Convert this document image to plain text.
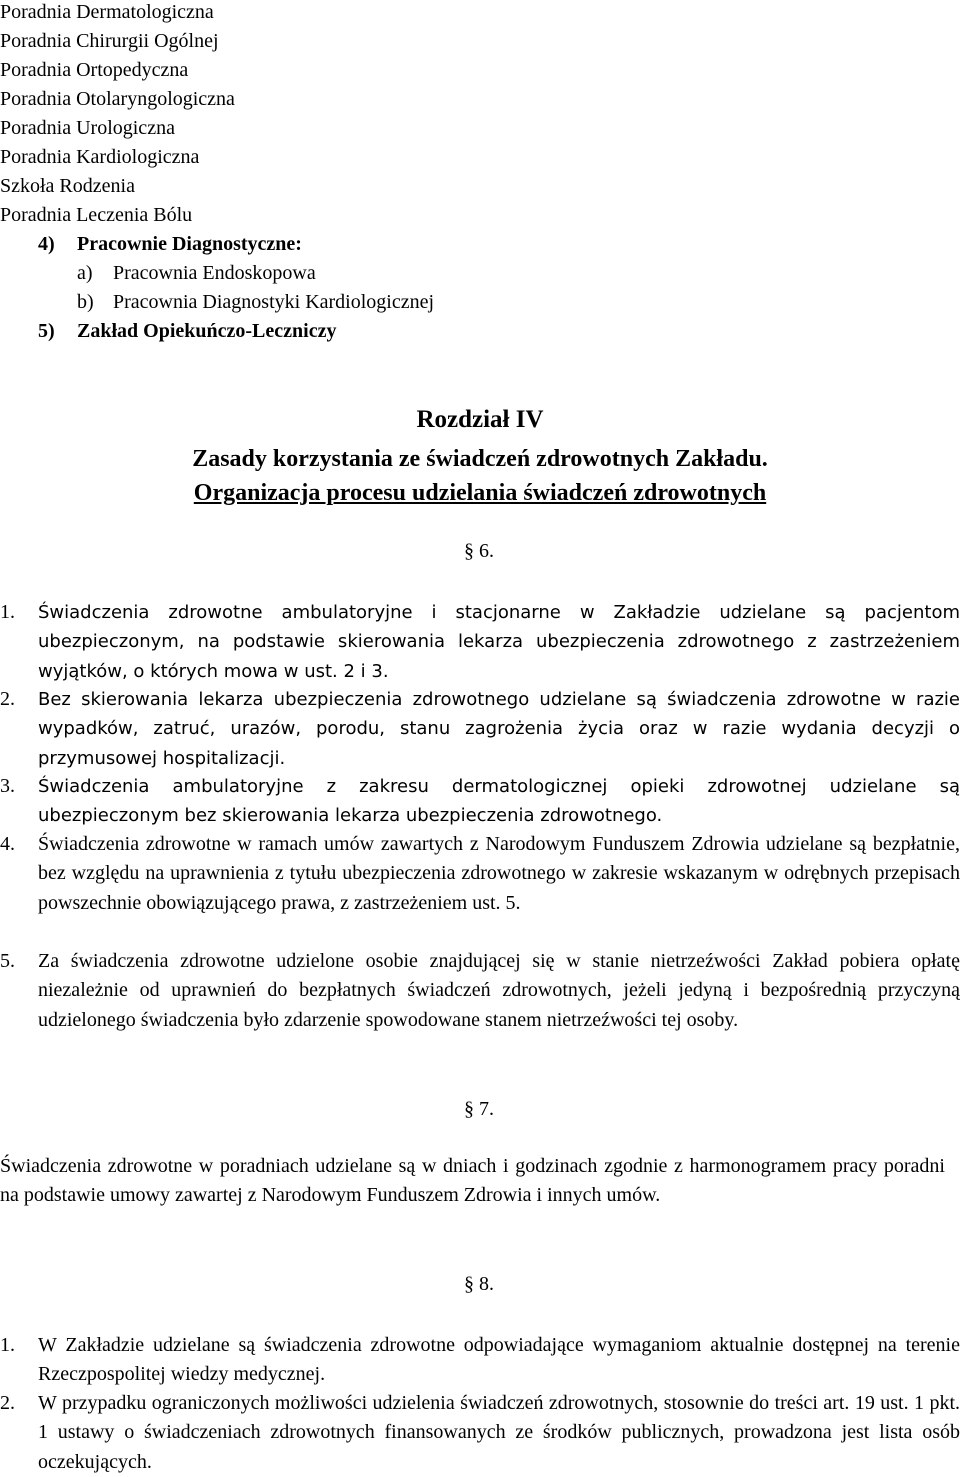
Poradnia Dermatologiczna
Poradnia Chirurgii Ogólnej
Poradnia Ortopedyczna
Poradnia Otolaryngologiczna
Poradnia Urologiczna
Poradnia Kardiologiczna
Szkoła Rodzenia
Poradnia Leczenia Bólu
4) Pracownie Diagnostyczne:
a) Pracownia Endoskopowa
b) Pracownia Diagnostyki Kardiologicznej
5) Zakład Opiekuńczo-Leczniczy
Rozdział IV
Zasady korzystania ze świadczeń zdrowotnych Zakładu.
Organizacja procesu udzielania świadczeń zdrowotnych
§ 6.
1. Świadczenia zdrowotne ambulatoryjne i stacjonarne w Zakładzie udzielane są pacjentom ubezpieczonym, na podstawie skierowania lekarza ubezpieczenia zdrowotnego z zastrzeżeniem wyjątków, o których mowa w ust. 2 i 3.
2. Bez skierowania lekarza ubezpieczenia zdrowotnego udzielane są świadczenia zdrowotne w razie wypadków, zatruć, urazów, porodu, stanu zagrożenia życia oraz w razie wydania decyzji o przymusowej hospitalizacji.
3. Świadczenia ambulatoryjne z zakresu dermatologicznej opieki zdrowotnej udzielane są ubezpieczonym bez skierowania lekarza ubezpieczenia zdrowotnego.
4. Świadczenia zdrowotne w ramach umów zawartych z Narodowym Funduszem Zdrowia udzielane są bezpłatnie, bez względu na uprawnienia z tytułu ubezpieczenia zdrowotnego w zakresie wskazanym w odrębnych przepisach powszechnie obowiązującego prawa, z zastrzeżeniem ust. 5.
5. Za świadczenia zdrowotne udzielone osobie znajdującej się w stanie nietrzeźwości Zakład pobiera opłatę niezależnie od uprawnień do bezpłatnych świadczeń zdrowotnych, jeżeli jedyną i bezpośrednią przyczyną udzielonego świadczenia było zdarzenie spowodowane stanem nietrzeźwości tej osoby.
§ 7.
Świadczenia zdrowotne w poradniach udzielane są w dniach i godzinach zgodnie z harmonogramem pracy poradni na podstawie umowy zawartej z Narodowym Funduszem Zdrowia i innych umów.
§ 8.
1. W Zakładzie udzielane są świadczenia zdrowotne odpowiadające wymaganiom aktualnie dostępnej na terenie Rzeczpospolitej wiedzy medycznej.
2. W przypadku ograniczonych możliwości udzielenia świadczeń zdrowotnych, stosownie do treści art. 19 ust. 1 pkt. 1 ustawy o świadczeniach zdrowotnych finansowanych ze środków publicznych, prowadzona jest lista osób oczekujących.
